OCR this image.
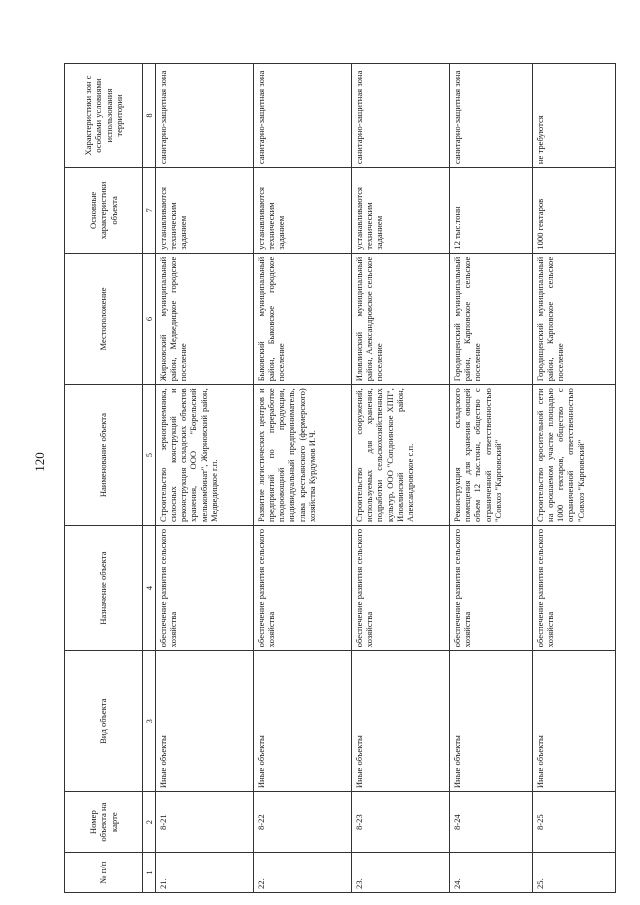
120
№ п/п	Номер объекта на карте	Вид объекта	Назначение объекта	Наименование объекта	Местоположение	Основные характеристики объекта	Характеристики зон с особыми условиями использования территории
1	2	3	4	5	6	7	8
21.	8-21	Иные объекты	обеспечение развития сельского хозяйства	Строительство зерноприемника, силосных конструкций и реконструкция складских объектов хранения, ООО "Борельский мелькомбинат", Жирновский район, Медведицкое г.п.	Жирновский муниципальный район, Медведицкое городское поселение	устанавливаются техническим заданием	санитарно-защитная зона
22.	8-22	Иные объекты	обеспечение развития сельского хозяйства	Развитие логистических центров и предприятий по переработке плодоовощной продукции, индивидуальный предприниматель, глава крестьянского (фермерского) хозяйства Курдумов И.Ч.	Быковский муниципальный район, Быковское городское поселение	устанавливаются техническим заданием	санитарно-защитная зона
23.	8-23	Иные объекты	обеспечение развития сельского хозяйства	Строительство сооружений, используемых для хранения, подработки сельскохозяйственных культур, ООО "Сопдоинское ХПП", Иловлинский район, Александровское с.п.	Иловлинский муниципальный район, Александровское сельское поселение	устанавливаются техническим заданием	санитарно-защитная зона
24.	8-24	Иные объекты	обеспечение развития сельского хозяйства	Реконструкция складского помещения для хранения овощей объем 12 тыс.тонн, общество с ограниченной ответственностью "Совхоз "Карповский"	Городищенский муниципальный район, Карповское сельское поселение	12 тыс.тонн	санитарно-защитная зона
25.	8-25	Иные объекты	обеспечение развития сельского хозяйства	Строительство оросительной сети на орошаемом участке площадью 1000 гектаров, общество с ограниченной ответственностью "Совхоз "Карповский"	Городищенский муниципальный район, Карповское сельское поселение	1000 гектаров	не требуются
